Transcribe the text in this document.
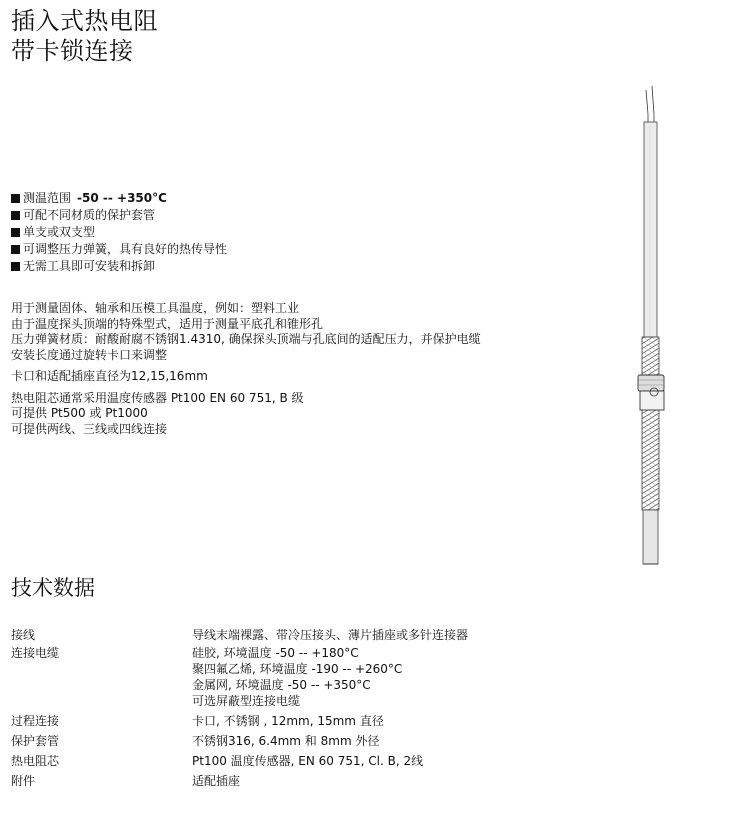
插入式热电阻
带卡锁连接
测温范围 -50 -- +350°C
可配不同材质的保护套管
单支或双支型
可调整压力弹簧，具有良好的热传导性
无需工具即可安装和拆卸
用于测量固体、轴承和压模工具温度，例如：塑料工业
由于温度探头顶端的特殊型式，适用于测量平底孔和锥形孔
压力弹簧材质：耐酸耐腐不锈钢1.4310, 确保探头顶端与孔底间的适配压力，并保护电缆
安装长度通过旋转卡口来调整
卡口和适配插座直径为12,15,16mm
热电阻芯通常采用温度传感器 Pt100 EN 60 751, B 级
可提供 Pt500 或 Pt1000
可提供两线、三线或四线连接
技术数据
接线	导线末端裸露、带冷压接头、薄片插座或多针连接器
连接电缆	硅胶, 环境温度 -50 -- +180°C
聚四氟乙烯, 环境温度 -190 -- +260°C
金属网, 环境温度 -50 -- +350°C
可选屏蔽型连接电缆
过程连接	卡口, 不锈钢 , 12mm, 15mm 直径
保护套管	不锈钢316, 6.4mm 和 8mm 外径
热电阻芯	Pt100 温度传感器, EN 60 751, Cl. B, 2线
附件	适配插座
